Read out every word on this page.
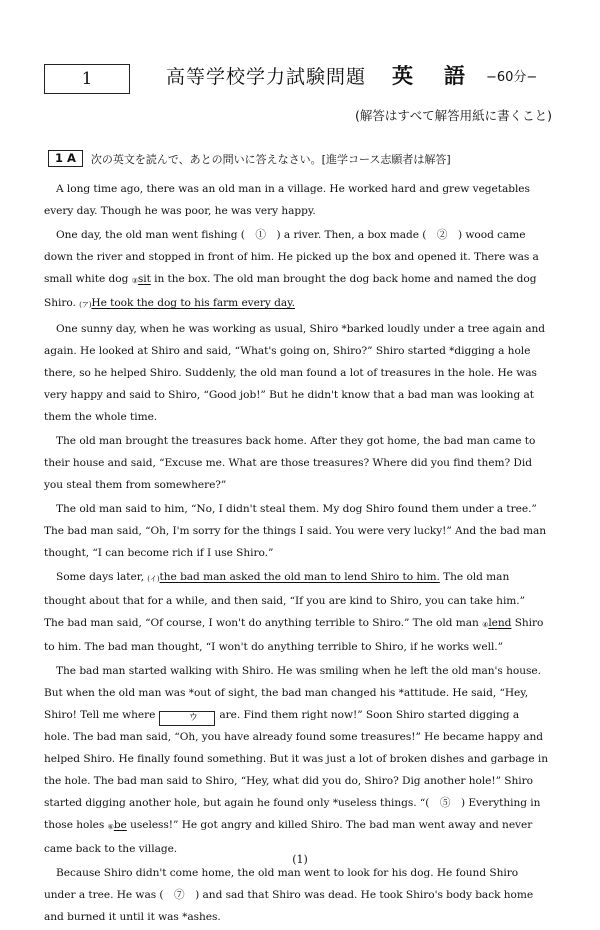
1	高等学校学力試験問題 英　語 −60分−
(解答はすべて解答用紙に書くこと)
1 A	次の英文を読んで、あとの問いに答えなさい。[進学コース志願者は解答]

A long time ago, there was an old man in a village. He worked hard and grew vegetables every day. Though he was poor, he was very happy.

One day, the old man went fishing (　①　) a river. Then, a box made (　②　) wood came down the river and stopped in front of him. He picked up the box and opened it. There was a small white dog ③sit in the box. The old man brought the dog back home and named the dog Shiro. (ア)He took the dog to his farm every day.

One sunny day, when he was working as usual, Shiro *barked loudly under a tree again and again. He looked at Shiro and said, “What's going on, Shiro?” Shiro started *digging a hole there, so he helped Shiro. Suddenly, the old man found a lot of treasures in the hole. He was very happy and said to Shiro, “Good job!” But he didn't know that a bad man was looking at them the whole time.

The old man brought the treasures back home. After they got home, the bad man came to their house and said, “Excuse me. What are those treasures? Where did you find them? Did you steal them from somewhere?”

The old man said to him, “No, I didn't steal them. My dog Shiro found them under a tree.” The bad man said, “Oh, I'm sorry for the things I said. You were very lucky!” And the bad man thought, “I can become rich if I use Shiro.”

Some days later, (イ)the bad man asked the old man to lend Shiro to him. The old man thought about that for a while, and then said, “If you are kind to Shiro, you can take him.” The bad man said, “Of course, I won't do anything terrible to Shiro.” The old man ④lend Shiro to him. The bad man thought, “I won't do anything terrible to Shiro, if he works well.”

The bad man started walking with Shiro. He was smiling when he left the old man's house. But when the old man was *out of sight, the bad man changed his *attitude. He said, “Hey, Shiro! Tell me where	ウ are. Find them right now!” Soon Shiro started digging a hole. The bad man said, “Oh, you have already found some treasures!” He became happy and helped Shiro. He finally found something. But it was just a lot of broken dishes and garbage in the hole. The bad man said to Shiro, “Hey, what did you do, Shiro? Dig another hole!” Shiro started digging another hole, but again he found only *useless things. “(　⑤　) Everything in those holes ⑥be useless!” He got angry and killed Shiro. The bad man went away and never came back to the village.

Because Shiro didn't come home, the old man went to look for his dog. He found Shiro under a tree. He was (　⑦　) and sad that Shiro was dead. He took Shiro's body back home and burned it until it was *ashes.

(1)
